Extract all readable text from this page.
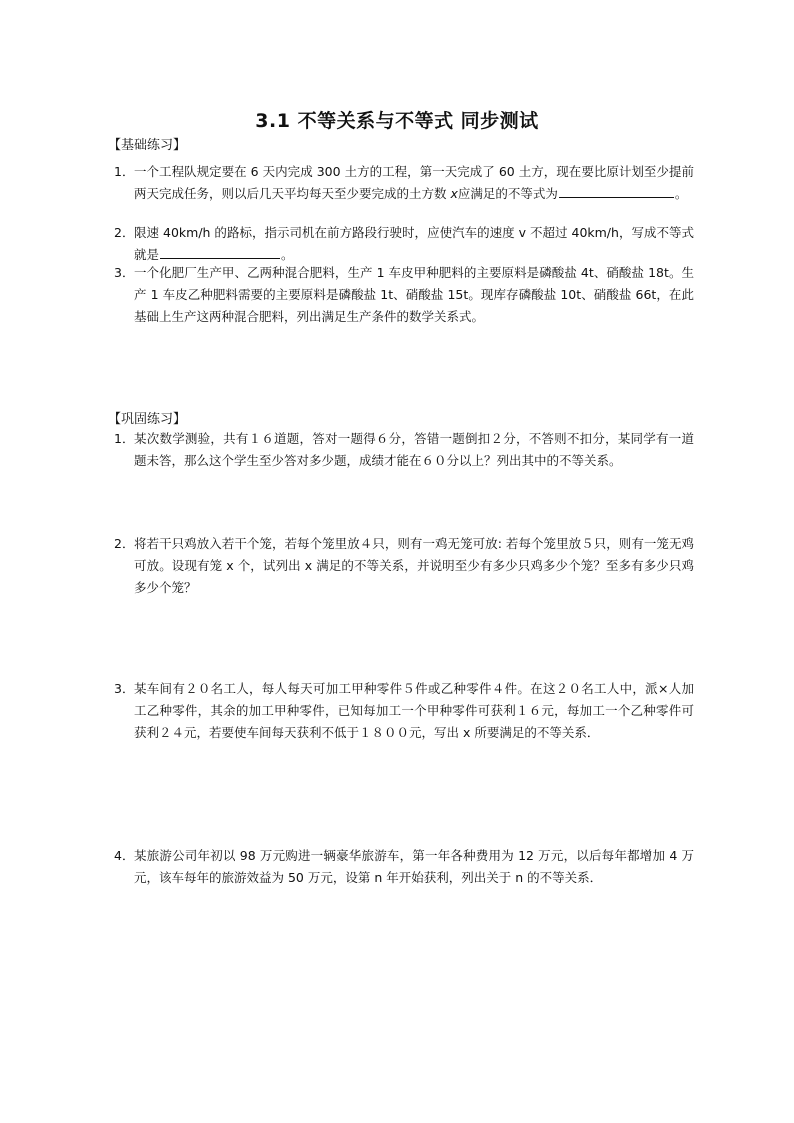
3.1 不等关系与不等式 同步测试
【基础练习】
1． 一个工程队规定要在 6 天内完成 300 土方的工程，第一天完成了 60 土方，现在要比原计划至少提前两天完成任务，则以后几天平均每天至少要完成的土方数 x应满足的不等式为	。
2． 限速 40km/h 的路标，指示司机在前方路段行驶时，应使汽车的速度 v 不超过 40km/h，写成不等式就是	。
3． 一个化肥厂生产甲、乙两种混合肥料，生产 1 车皮甲种肥料的主要原料是磷酸盐 4t、硝酸盐 18t。生产 1 车皮乙种肥料需要的主要原料是磷酸盐 1t、硝酸盐 15t。现库存磷酸盐 10t、硝酸盐 66t，在此基础上生产这两种混合肥料，列出满足生产条件的数学关系式。
【巩固练习】
1． 某次数学测验，共有１６道题，答对一题得６分，答错一题倒扣２分，不答则不扣分，某同学有一道题未答，那么这个学生至少答对多少题，成绩才能在６０分以上？列出其中的不等关系。
2． 将若干只鸡放入若干个笼，若每个笼里放４只，则有一鸡无笼可放: 若每个笼里放５只，则有一笼无鸡可放。设现有笼 x 个，试列出 x 满足的不等关系，并说明至少有多少只鸡多少个笼？至多有多少只鸡多少个笼？
3． 某车间有２０名工人，每人每天可加工甲种零件５件或乙种零件４件。在这２０名工人中，派×人加工乙种零件，其余的加工甲种零件，已知每加工一个甲种零件可获利１６元，每加工一个乙种零件可获利２４元，若要使车间每天获利不低于１８００元，写出 x 所要满足的不等关系．
4． 某旅游公司年初以 98 万元购进一辆豪华旅游车，第一年各种费用为 12 万元，以后每年都增加 4 万元，该车每年的旅游效益为 50 万元，设第 n 年开始获利，列出关于 n 的不等关系．
